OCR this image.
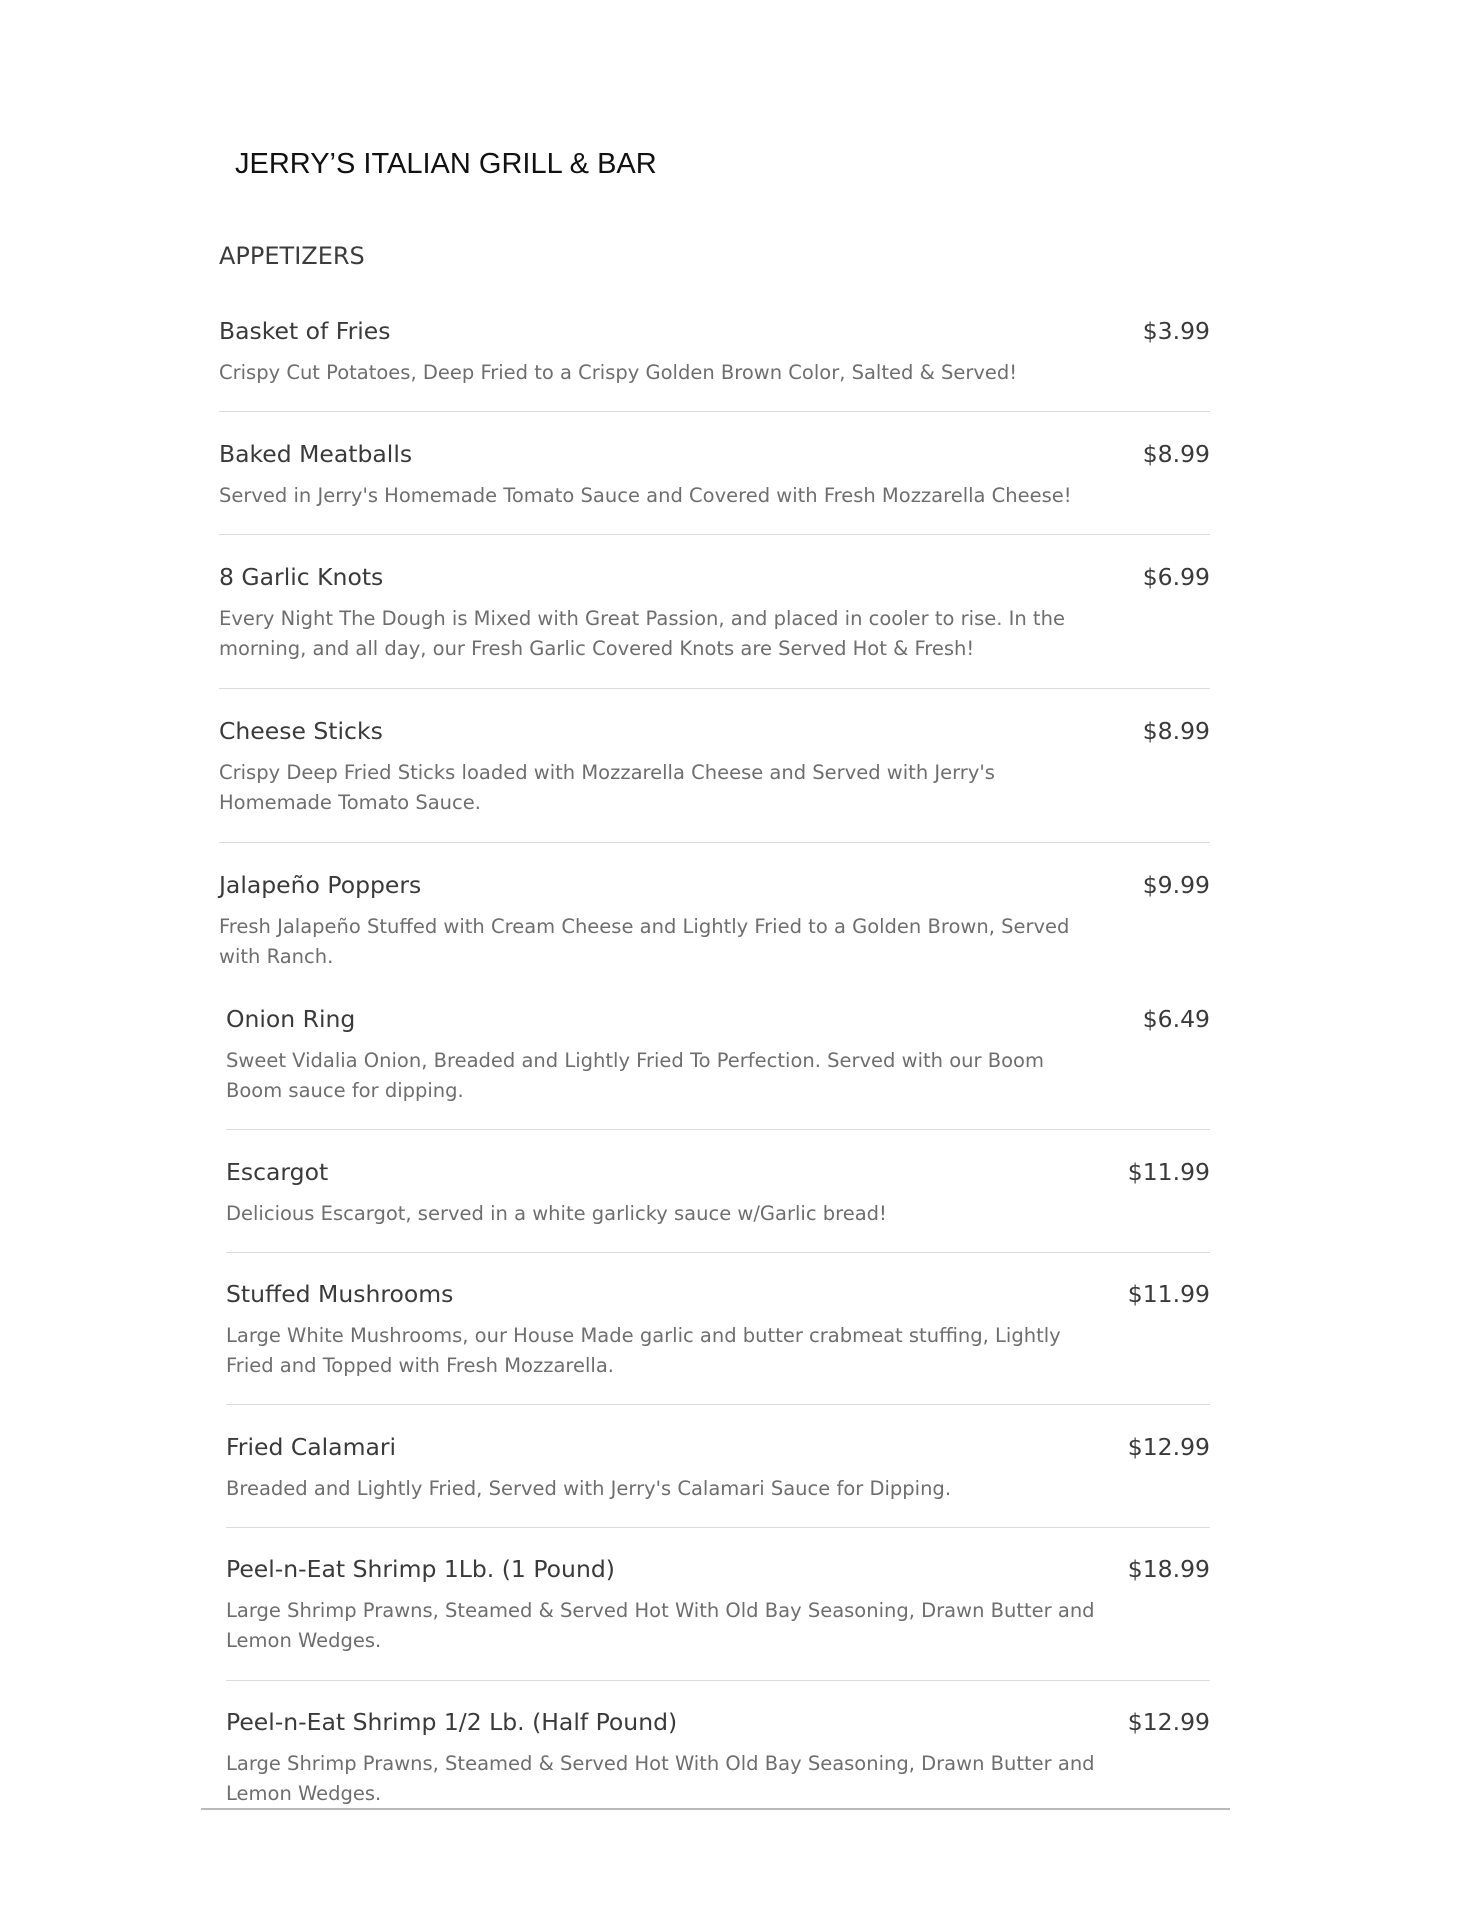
JERRY’S ITALIAN GRILL & BAR
APPETIZERS
Basket of Fries	$3.99
Crispy Cut Potatoes, Deep Fried to a Crispy Golden Brown Color, Salted & Served!
Baked Meatballs	$8.99
Served in Jerry's Homemade Tomato Sauce and Covered with Fresh Mozzarella Cheese!
8 Garlic Knots	$6.99
Every Night The Dough is Mixed with Great Passion, and placed in cooler to rise. In the morning, and all day, our Fresh Garlic Covered Knots are Served Hot & Fresh!
Cheese Sticks	$8.99
Crispy Deep Fried Sticks loaded with Mozzarella Cheese and Served with Jerry's Homemade Tomato Sauce.
Jalapeño Poppers	$9.99
Fresh Jalapeño Stuffed with Cream Cheese and Lightly Fried to a Golden Brown, Served with Ranch.
Onion Ring	$6.49
Sweet Vidalia Onion, Breaded and Lightly Fried To Perfection. Served with our Boom Boom sauce for dipping.
Escargot	$11.99
Delicious Escargot, served in a white garlicky sauce w/Garlic bread!
Stuffed Mushrooms	$11.99
Large White Mushrooms, our House Made garlic and butter crabmeat stuffing, Lightly Fried and Topped with Fresh Mozzarella.
Fried Calamari	$12.99
Breaded and Lightly Fried, Served with Jerry's Calamari Sauce for Dipping.
Peel-n-Eat Shrimp 1Lb. (1 Pound)	$18.99
Large Shrimp Prawns, Steamed & Served Hot With Old Bay Seasoning, Drawn Butter and Lemon Wedges.
Peel-n-Eat Shrimp 1/2 Lb. (Half Pound)	$12.99
Large Shrimp Prawns, Steamed & Served Hot With Old Bay Seasoning, Drawn Butter and Lemon Wedges.
